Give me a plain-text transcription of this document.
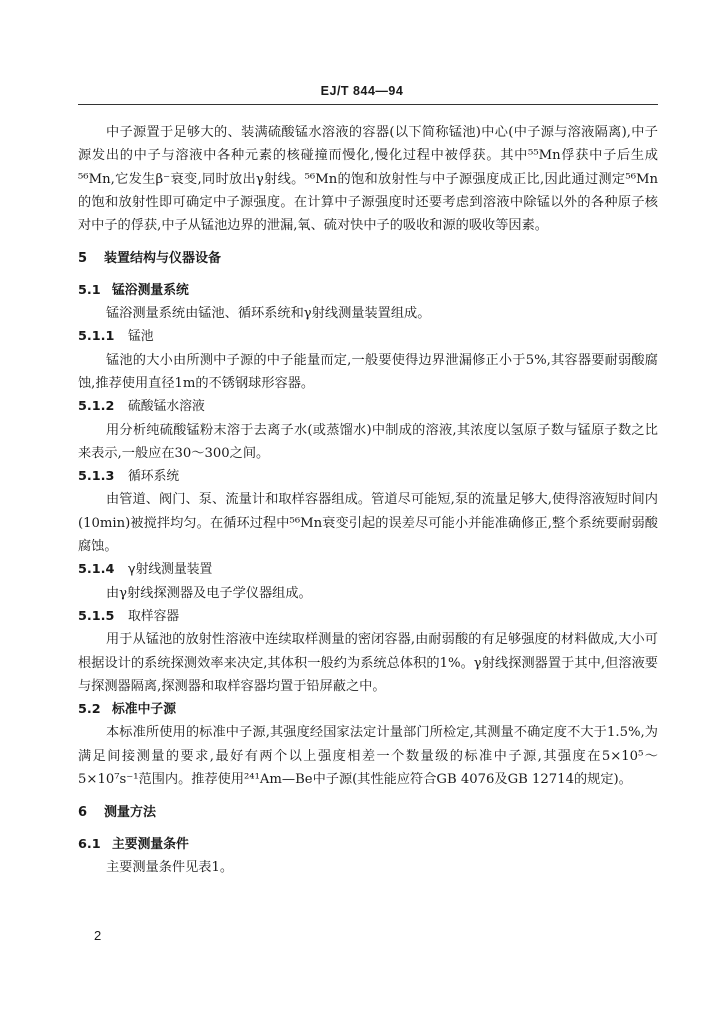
EJ/T 844—94

中子源置于足够大的、装满硫酸锰水溶液的容器(以下简称锰池)中心(中子源与溶液隔离),中子源发出的中子与溶液中各种元素的核碰撞而慢化,慢化过程中被俘获。其中⁵⁵Mn俘获中子后生成⁵⁶Mn,它发生β⁻衰变,同时放出γ射线。⁵⁶Mn的饱和放射性与中子源强度成正比,因此通过测定⁵⁶Mn的饱和放射性即可确定中子源强度。在计算中子源强度时还要考虑到溶液中除锰以外的各种原子核对中子的俘获,中子从锰池边界的泄漏,氧、硫对快中子的吸收和源的吸收等因素。

5 装置结构与仪器设备
5.1 锰浴测量系统

锰浴测量系统由锰池、循环系统和γ射线测量装置组成。

5.1.1 锰池

锰池的大小由所测中子源的中子能量而定,一般要使得边界泄漏修正小于5%,其容器要耐弱酸腐蚀,推荐使用直径1m的不锈钢球形容器。

5.1.2 硫酸锰水溶液

用分析纯硫酸锰粉末溶于去离子水(或蒸馏水)中制成的溶液,其浓度以氢原子数与锰原子数之比来表示,一般应在30～300之间。

5.1.3 循环系统

由管道、阀门、泵、流量计和取样容器组成。管道尽可能短,泵的流量足够大,使得溶液短时间内(10min)被搅拌均匀。在循环过程中⁵⁶Mn衰变引起的误差尽可能小并能准确修正,整个系统要耐弱酸腐蚀。

5.1.4 γ射线测量装置

由γ射线探测器及电子学仪器组成。

5.1.5 取样容器

用于从锰池的放射性溶液中连续取样测量的密闭容器,由耐弱酸的有足够强度的材料做成,大小可根据设计的系统探测效率来决定,其体积一般约为系统总体积的1%。γ射线探测器置于其中,但溶液要与探测器隔离,探测器和取样容器均置于铅屏蔽之中。

5.2 标准中子源

本标准所使用的标准中子源,其强度经国家法定计量部门所检定,其测量不确定度不大于1.5%,为满足间接测量的要求,最好有两个以上强度相差一个数量级的标准中子源,其强度在5×10⁵～5×10⁷s⁻¹范围内。推荐使用²⁴¹Am—Be中子源(其性能应符合GB 4076及GB 12714的规定)。

6 测量方法
6.1 主要测量条件

主要测量条件见表1。

2
